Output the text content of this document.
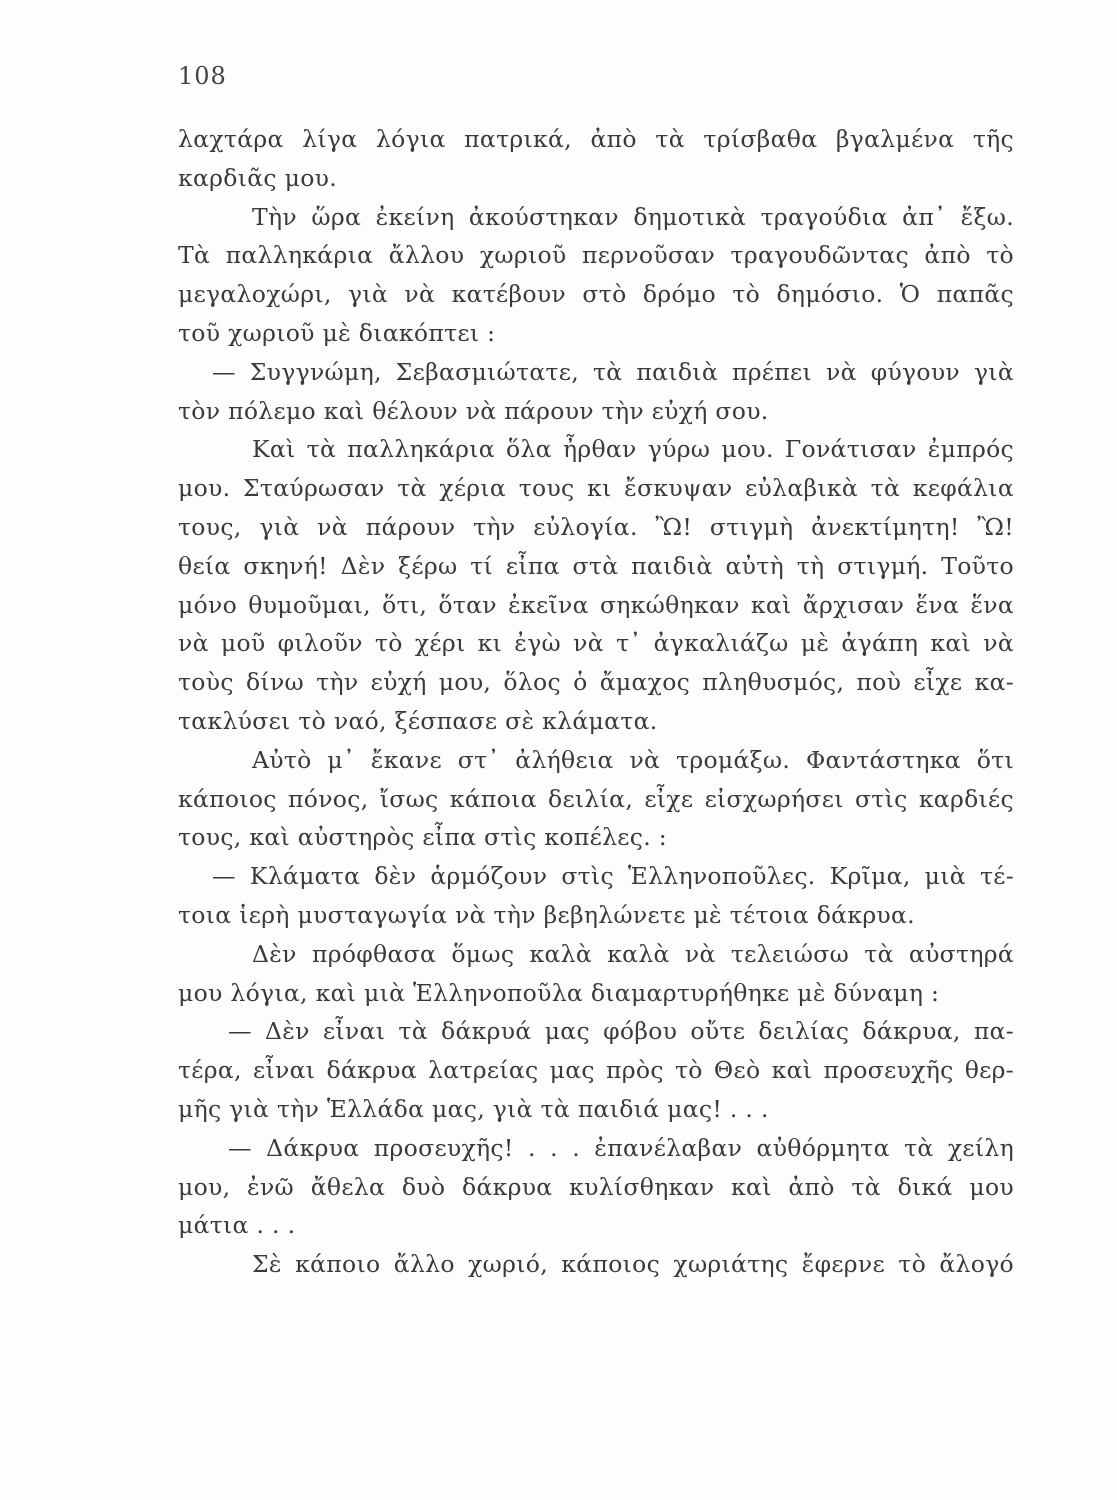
108
λαχτάρα λίγα λόγια πατρικά, ἀπὸ τὰ τρίσβαθα βγαλμένα τῆς
καρδιᾶς μου.
Τὴν ὥρα ἐκείνη ἀκούστηκαν δημοτικὰ τραγούδια ἀπ᾽ ἔξω.
Τὰ παλληκάρια ἄλλου χωριοῦ περνοῦσαν τραγουδῶντας ἀπὸ τὸ
μεγαλοχώρι, γιὰ νὰ κατέβουν στὸ δρόμο τὸ δημόσιο. Ὁ παπᾶς
τοῦ χωριοῦ μὲ διακόπτει :
— Συγγνώμη, Σεβασμιώτατε, τὰ παιδιὰ πρέπει νὰ φύγουν γιὰ
τὸν πόλεμο καὶ θέλουν νὰ πάρουν τὴν εὐχή σου.
Καὶ τὰ παλληκάρια ὅλα ἦρθαν γύρω μου. Γονάτισαν ἐμπρός
μου. Σταύρωσαν τὰ χέρια τους κι ἔσκυψαν εὐλαβικὰ τὰ κεφάλια
τους, γιὰ νὰ πάρουν τὴν εὐλογία. Ὢ! στιγμὴ ἀνεκτίμητη! Ὢ!
θεία σκηνή! Δὲν ξέρω τί εἶπα στὰ παιδιὰ αὐτὴ τὴ στιγμή. Τοῦτο
μόνο θυμοῦμαι, ὅτι, ὅταν ἐκεῖνα σηκώθηκαν καὶ ἄρχισαν ἕνα ἕνα
νὰ μοῦ φιλοῦν τὸ χέρι κι ἐγὼ νὰ τ᾽ ἀγκαλιάζω μὲ ἀγάπη καὶ νὰ
τοὺς δίνω τὴν εὐχή μου, ὅλος ὁ ἄμαχος πληθυσμός, ποὺ εἶχε κα-
τακλύσει τὸ ναό, ξέσπασε σὲ κλάματα.
Αὐτὸ μ᾽ ἔκανε στ᾽ ἀλήθεια νὰ τρομάξω. Φαντάστηκα ὅτι
κάποιος πόνος, ἴσως κάποια δειλία, εἶχε εἰσχωρήσει στὶς καρδιές
τους, καὶ αὐστηρὸς εἶπα στὶς κοπέλες. :
— Κλάματα δὲν ἁρμόζουν στὶς Ἑλληνοποῦλες. Κρῖμα, μιὰ τέ-
τοια ἱερὴ μυσταγωγία νὰ τὴν βεβηλώνετε μὲ τέτοια δάκρυα.
Δὲν πρόφθασα ὅμως καλὰ καλὰ νὰ τελειώσω τὰ αὐστηρά
μου λόγια, καὶ μιὰ Ἑλληνοποῦλα διαμαρτυρήθηκε μὲ δύναμη :
— Δὲν εἶναι τὰ δάκρυά μας φόβου οὔτε δειλίας δάκρυα, πα-
τέρα, εἶναι δάκρυα λατρείας μας πρὸς τὸ Θεὸ καὶ προσευχῆς θερ-
μῆς γιὰ τὴν Ἑλλάδα μας, γιὰ τὰ παιδιά μας! . . .
— Δάκρυα προσευχῆς! . . . ἐπανέλαβαν αὐθόρμητα τὰ χείλη
μου, ἐνῶ ἄθελα δυὸ δάκρυα κυλίσθηκαν καὶ ἀπὸ τὰ δικά μου
μάτια . . .
Σὲ κάποιο ἄλλο χωριό, κάποιος χωριάτης ἔφερνε τὸ ἄλογό
